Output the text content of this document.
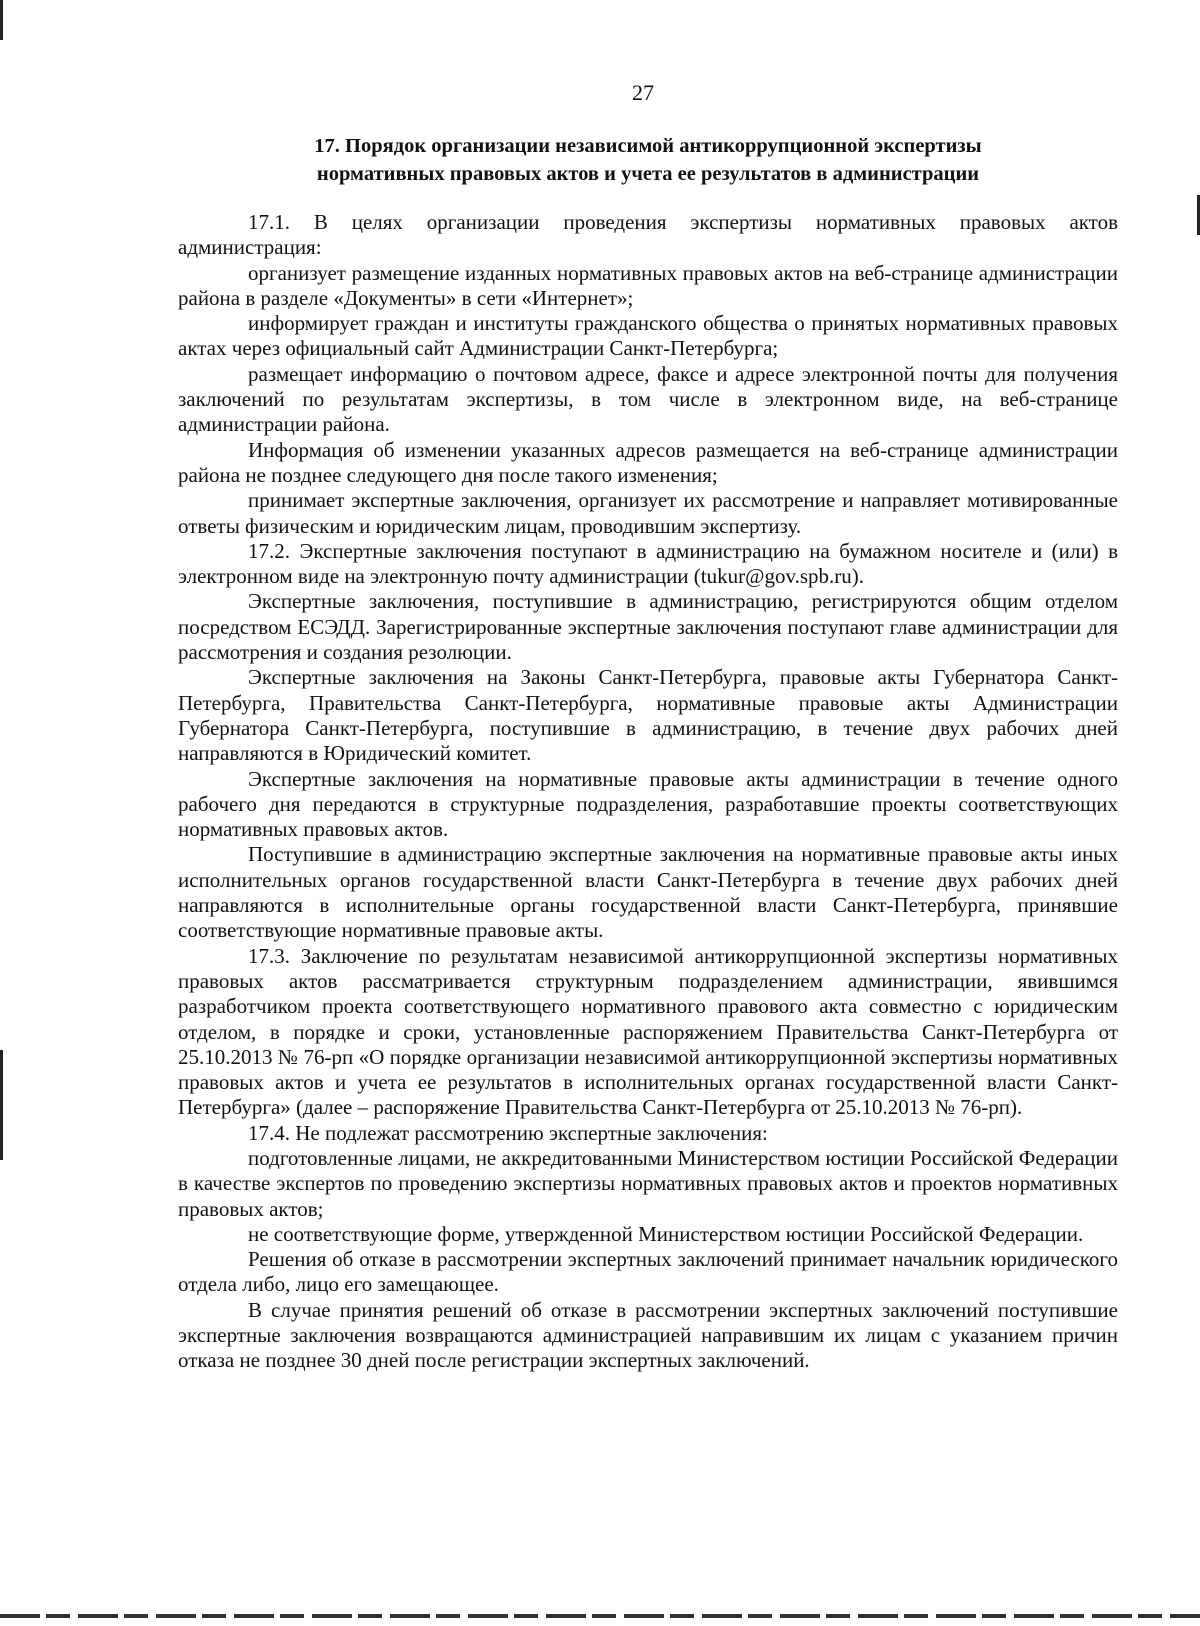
27
17. Порядок организации независимой антикоррупционной экспертизы
нормативных правовых актов и учета ее результатов в администрации

17.1. В целях организации проведения экспертизы нормативных правовых актов администрация:

организует размещение изданных нормативных правовых актов на веб-странице администрации района в разделе «Документы» в сети «Интернет»;

информирует граждан и институты гражданского общества о принятых нормативных правовых актах через официальный сайт Администрации Санкт-Петербурга;

размещает информацию о почтовом адресе, факсе и адресе электронной почты для получения заключений по результатам экспертизы, в том числе в электронном виде, на веб-странице администрации района.

Информация об изменении указанных адресов размещается на веб-странице администрации района не позднее следующего дня после такого изменения;

принимает экспертные заключения, организует их рассмотрение и направляет мотивированные ответы физическим и юридическим лицам, проводившим экспертизу.

17.2. Экспертные заключения поступают в администрацию на бумажном носителе и (или) в электронном виде на электронную почту администрации (tukur@gov.spb.ru).

Экспертные заключения, поступившие в администрацию, регистрируются общим отделом посредством ЕСЭДД. Зарегистрированные экспертные заключения поступают главе администрации для рассмотрения и создания резолюции.

Экспертные заключения на Законы Санкт-Петербурга, правовые акты Губернатора Санкт-Петербурга, Правительства Санкт-Петербурга, нормативные правовые акты Администрации Губернатора Санкт-Петербурга, поступившие в администрацию, в течение двух рабочих дней направляются в Юридический комитет.

Экспертные заключения на нормативные правовые акты администрации в течение одного рабочего дня передаются в структурные подразделения, разработавшие проекты соответствующих нормативных правовых актов.

Поступившие в администрацию экспертные заключения на нормативные правовые акты иных исполнительных органов государственной власти Санкт-Петербурга в течение двух рабочих дней направляются в исполнительные органы государственной власти Санкт-Петербурга, принявшие соответствующие нормативные правовые акты.

17.3. Заключение по результатам независимой антикоррупционной экспертизы нормативных правовых актов рассматривается структурным подразделением администрации, явившимся разработчиком проекта соответствующего нормативного правового акта совместно с юридическим отделом, в порядке и сроки, установленные распоряжением Правительства Санкт-Петербурга от 25.10.2013 № 76-рп «О порядке организации независимой антикоррупционной экспертизы нормативных правовых актов и учета ее результатов в исполнительных органах государственной власти Санкт-Петербурга» (далее – распоряжение Правительства Санкт-Петербурга от 25.10.2013 № 76-рп).

17.4. Не подлежат рассмотрению экспертные заключения:

подготовленные лицами, не аккредитованными Министерством юстиции Российской Федерации в качестве экспертов по проведению экспертизы нормативных правовых актов и проектов нормативных правовых актов;

не соответствующие форме, утвержденной Министерством юстиции Российской Федерации.

Решения об отказе в рассмотрении экспертных заключений принимает начальник юридического отдела либо, лицо его замещающее.

В случае принятия решений об отказе в рассмотрении экспертных заключений поступившие экспертные заключения возвращаются администрацией направившим их лицам с указанием причин отказа не позднее 30 дней после регистрации экспертных заключений.
